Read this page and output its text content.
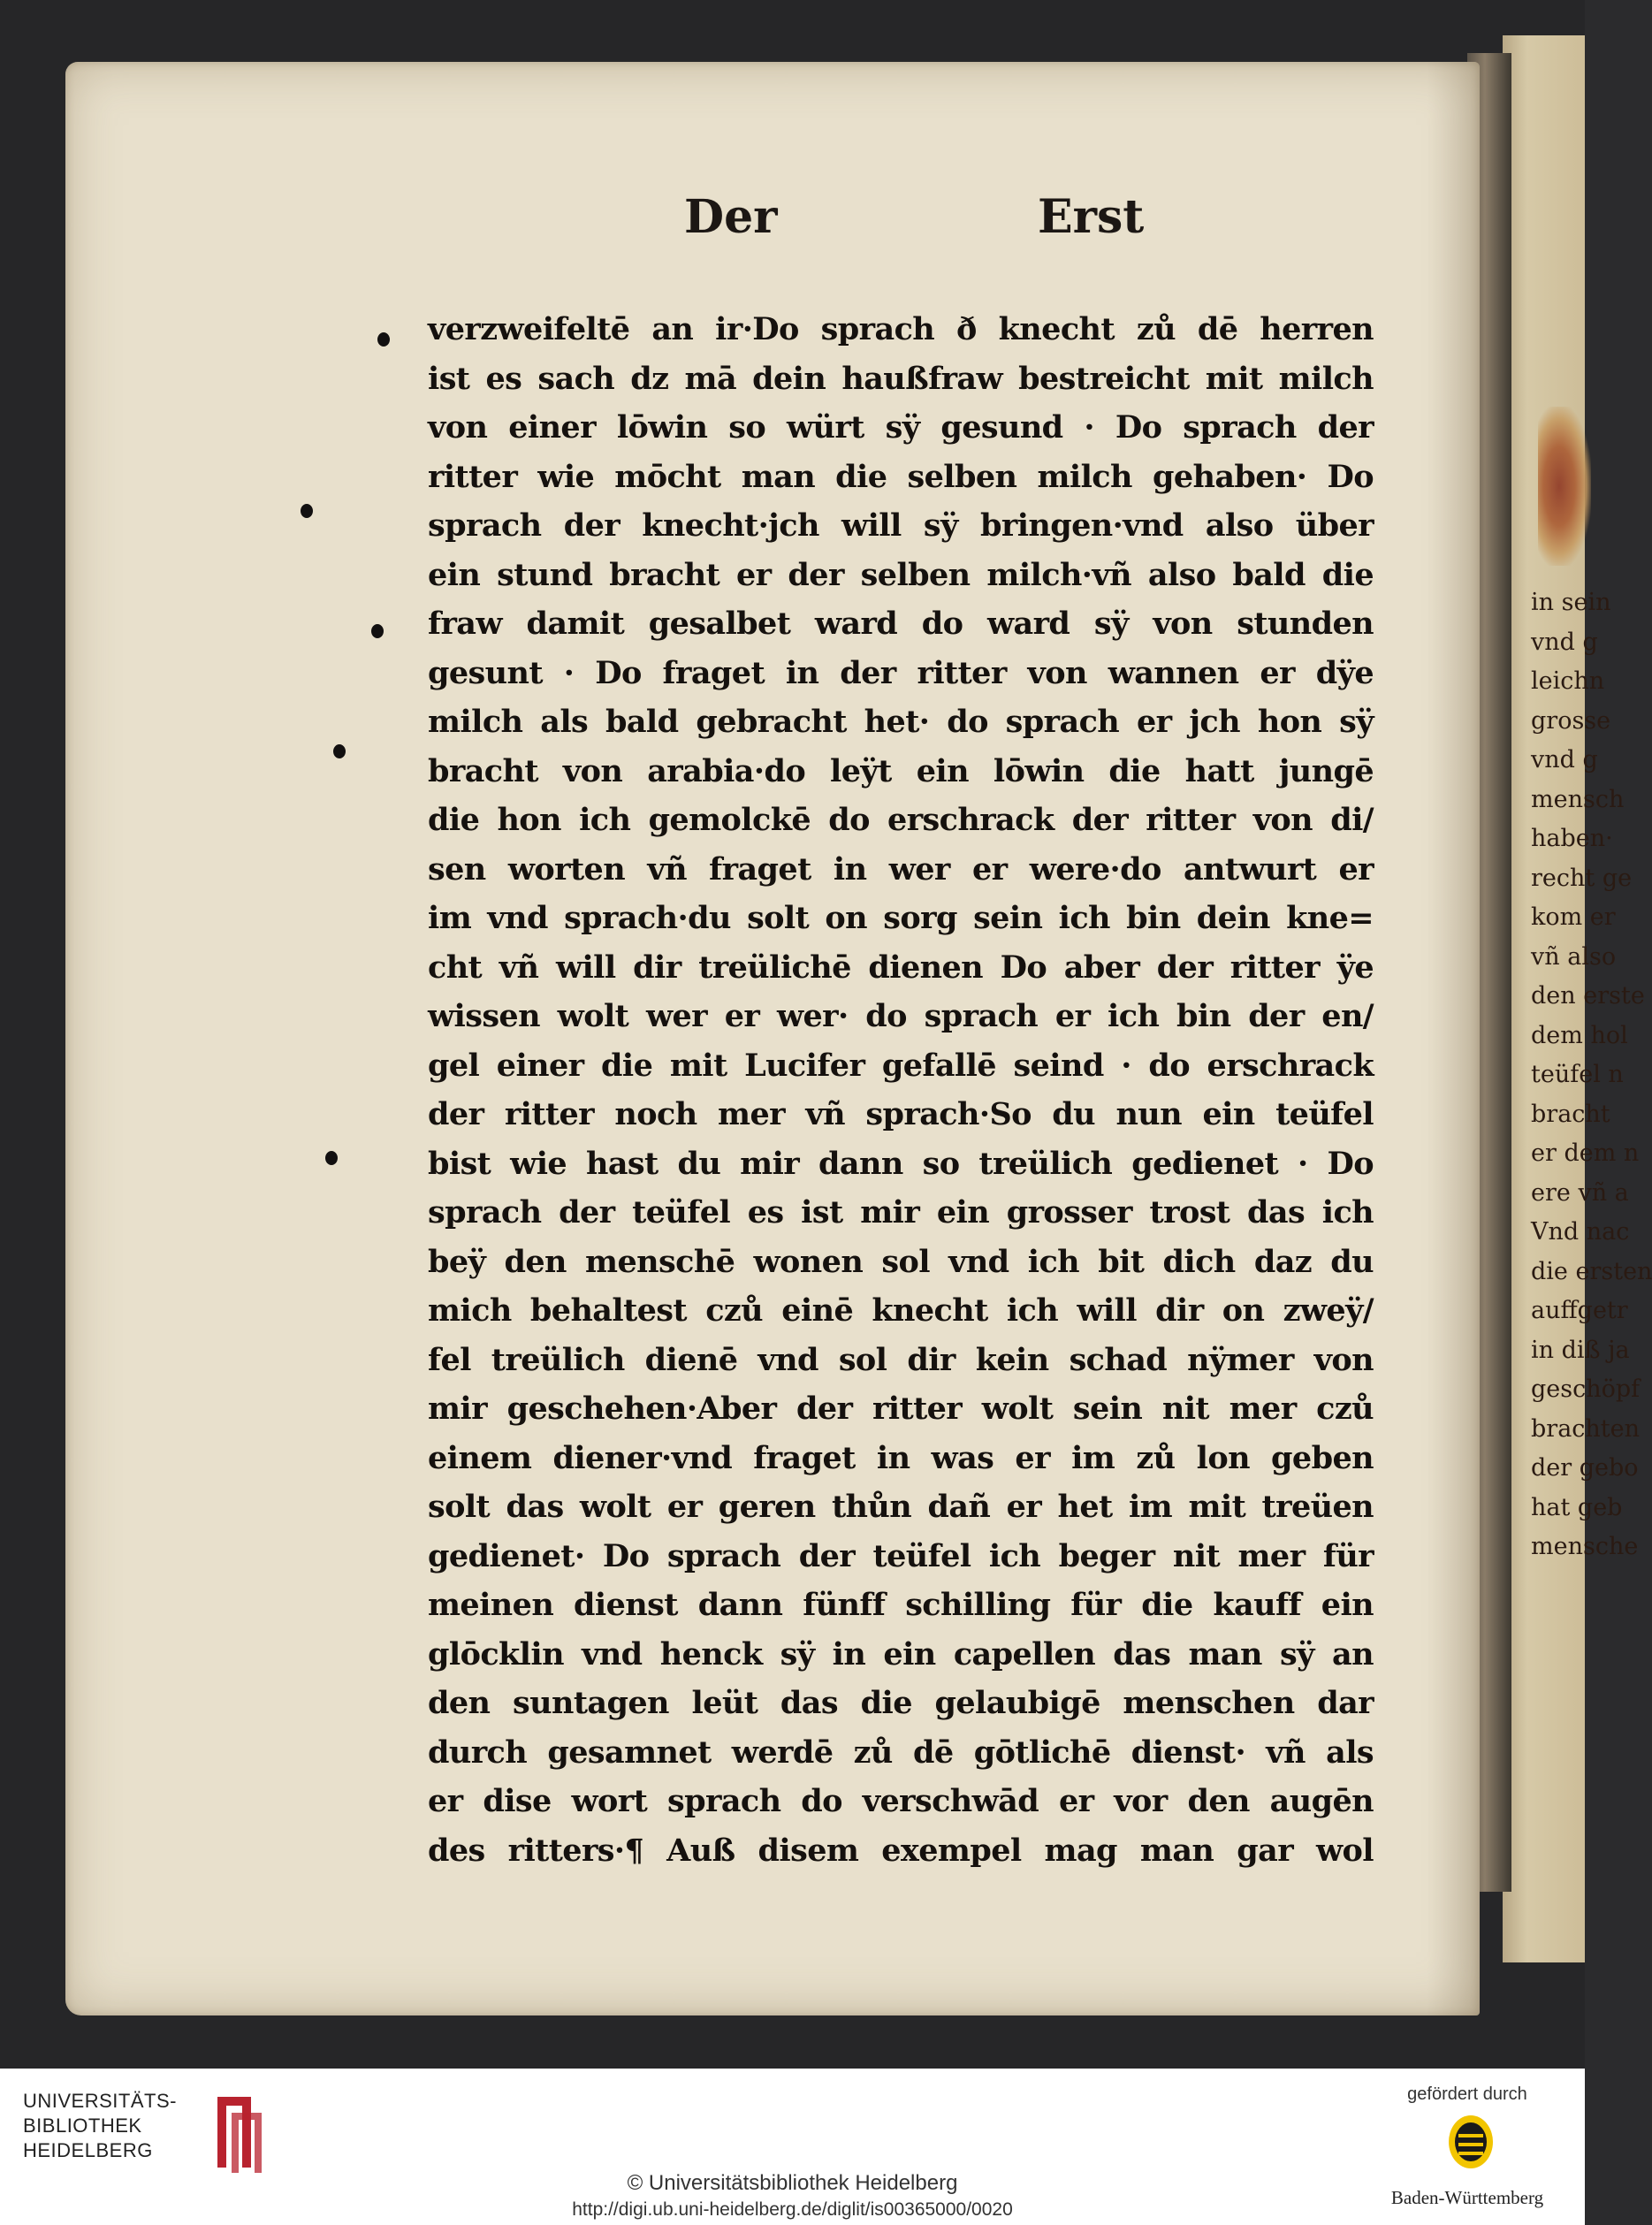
in sein
vnd g
leichn
grosse
vnd g
mensch
haben·
recht ge
kom er
vñ also
den erste
dem hol
teüfel n
bracht
er dem n
ere vñ a
Vnd nac
die ersten
auffgetr
in diß ja
geschöpf
brachten
der gebo
hat geb
mensche
Der	Erst
verzweifeltē an ir·Do sprach ð knecht zů dē herren
ist es sach dz mā dein haußfraw bestreicht mit milch
von einer lōwin so würt sÿ gesund · Do sprach der
ritter wie mōcht man die selben milch gehaben· Do
sprach der knecht·jch will sÿ bringen·vnd also über
ein stund bracht er der selben milch·vñ also bald die
fraw damit gesalbet ward do ward sÿ von stunden
gesunt · Do fraget in der ritter von wannen er dÿe
milch als bald gebracht het· do sprach er jch hon sÿ
bracht von arabia·do leÿt ein lōwin die hatt jungē
die hon ich gemolckē do erschrack der ritter von di/
sen worten vñ fraget in wer er were·do antwurt er
im vnd sprach·du solt on sorg sein ich bin dein kne=
cht vñ will dir treülichē dienen Do aber der ritter ÿe
wissen wolt wer er wer· do sprach er ich bin der en/
gel einer die mit Lucifer gefallē seind · do erschrack
der ritter noch mer vñ sprach·So du nun ein teüfel
bist wie hast du mir dann so treülich gedienet · Do
sprach der teüfel es ist mir ein grosser trost das ich
beÿ den menschē wonen sol vnd ich bit dich daz du
mich behaltest czů einē knecht ich will dir on zweÿ/
fel treülich dienē vnd sol dir kein schad nÿmer von
mir geschehen·Aber der ritter wolt sein nit mer czů
einem diener·vnd fraget in was er im zů lon geben
solt das wolt er geren thůn dañ er het im mit treüen
gedienet· Do sprach der teüfel ich beger nit mer für
meinen dienst dann fünff schilling für die kauff ein
glōcklin vnd henck sÿ in ein capellen das man sÿ an
den suntagen leüt das die gelaubigē menschen dar
durch gesamnet werdē zů dē gōtlichē dienst· vñ als
er dise wort sprach do verschwād er vor den augēn
des ritters·¶ Auß disem exempel mag man gar wol
UNIVERSITÄTS-
BIBLIOTHEK
HEIDELBERG
© Universitätsbibliothek Heidelberg
http://digi.ub.uni-heidelberg.de/diglit/is00365000/0020
gefördert durch
Baden-Württemberg
